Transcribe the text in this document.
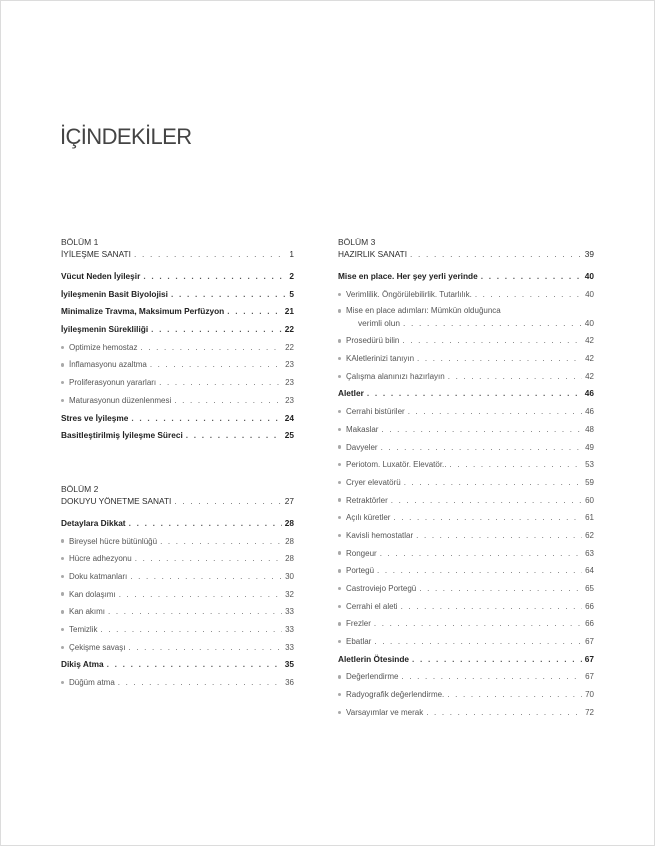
İÇİNDEKİLER
BÖLÜM 1
İYİLEŞME SANATI . . .	1
Vücut Neden İyileşir . . .	2
İyileşmenin Basit Biyolojisi . . .	5
Minimalize Travma, Maksimum Perfüzyon . . .	21
İyileşmenin Sürekliliği . . .	22
Optimize hemostaz . . .	22
İnflamasyonu azaltma . . .	23
Proliferasyonun yararları . . .	23
Maturasyonun düzenlenmesi . . .	23
Stres ve İyileşme . . .	24
Basitleştirilmiş İyileşme Süreci . . .	25
BÖLÜM 2
DOKUYU YÖNETME SANATI . . .	27
Detaylara Dikkat . . .	28
Bireysel hücre bütünlüğü . . .	28
Hücre adhezyonu . . .	28
Doku katmanları . . .	30
Kan dolaşımı . . .	32
Kan akımı . . .	33
Temizlik . . .	33
Çekişme savaşı . . .	33
Dikiş Atma . . .	35
Düğüm atma . . .	36
BÖLÜM 3
HAZIRLIK SANATI . . .	39
Mise en place. Her şey yerli yerinde . . .	40
Verimlilik. Öngörülebilirlik. Tutarlılık. . . .	40
Mise en place adımları: Mümkün olduğunca
verimli olun . . .	40
Prosedürü bilin . . .	42
KAletlerinizi tanıyın . . .	42
Çalışma alanınızı hazırlayın . . .	42
Aletler . . .	46
Cerrahi bistüriler . . .	46
Makaslar . . .	48
Davyeler . . .	49
Periotom. Luxatör. Elevatör.. . . .	53
Cryer elevatörü . . .	59
Retraktörler . . .	60
Açılı küretler . . .	61
Kavisli hemostatlar . . .	62
Rongeur . . .	63
Portegü . . .	64
Castroviejo Portegü . . .	65
Cerrahi el aleti . . .	66
Frezler . . .	66
Ebatlar . . .	67
Aletlerin Ötesinde . . .	67
Değerlendirme . . .	67
Radyografik değerlendirme. . . .	70
Varsayımlar ve merak . . .	72
